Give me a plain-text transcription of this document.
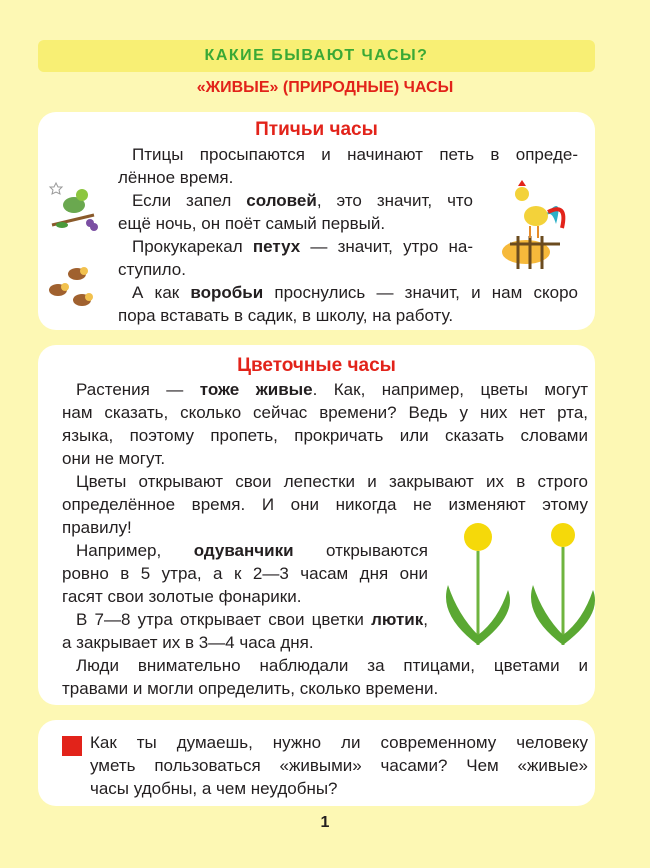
КАКИЕ БЫВАЮТ ЧАСЫ?
«ЖИВЫЕ» (ПРИРОДНЫЕ) ЧАСЫ
Птичьи часы
Птицы просыпаются и начинают петь в опреде-
лённое время.
Если запел соловей, это значит, что
ещё ночь, он поёт самый первый.
Прокукарекал петух — значит, утро на-
ступило.
А как воробьи проснулись — значит, и нам скоро
пора вставать в садик, в школу, на работу.
Цветочные часы
Растения — тоже живые. Как, например, цветы могут
нам сказать, сколько сейчас времени? Ведь у них нет рта,
языка, поэтому пропеть, прокричать или сказать словами
они не могут.
Цветы открывают свои лепестки и закрывают их в строго
определённое время. И они никогда не изменяют этому
правилу!
Например, одуванчики открываются
ровно в 5 утра, а к 2—3 часам дня они
гасят свои золотые фонарики.
В 7—8 утра открывает свои цветки лютик,
а закрывает их в 3—4 часа дня.
Люди внимательно наблюдали за птицами, цветами и
травами и могли определить, сколько времени.
Как ты думаешь, нужно ли современному человеку
уметь пользоваться «живыми» часами? Чем «живые»
часы удобны, а чем неудобны?
1
